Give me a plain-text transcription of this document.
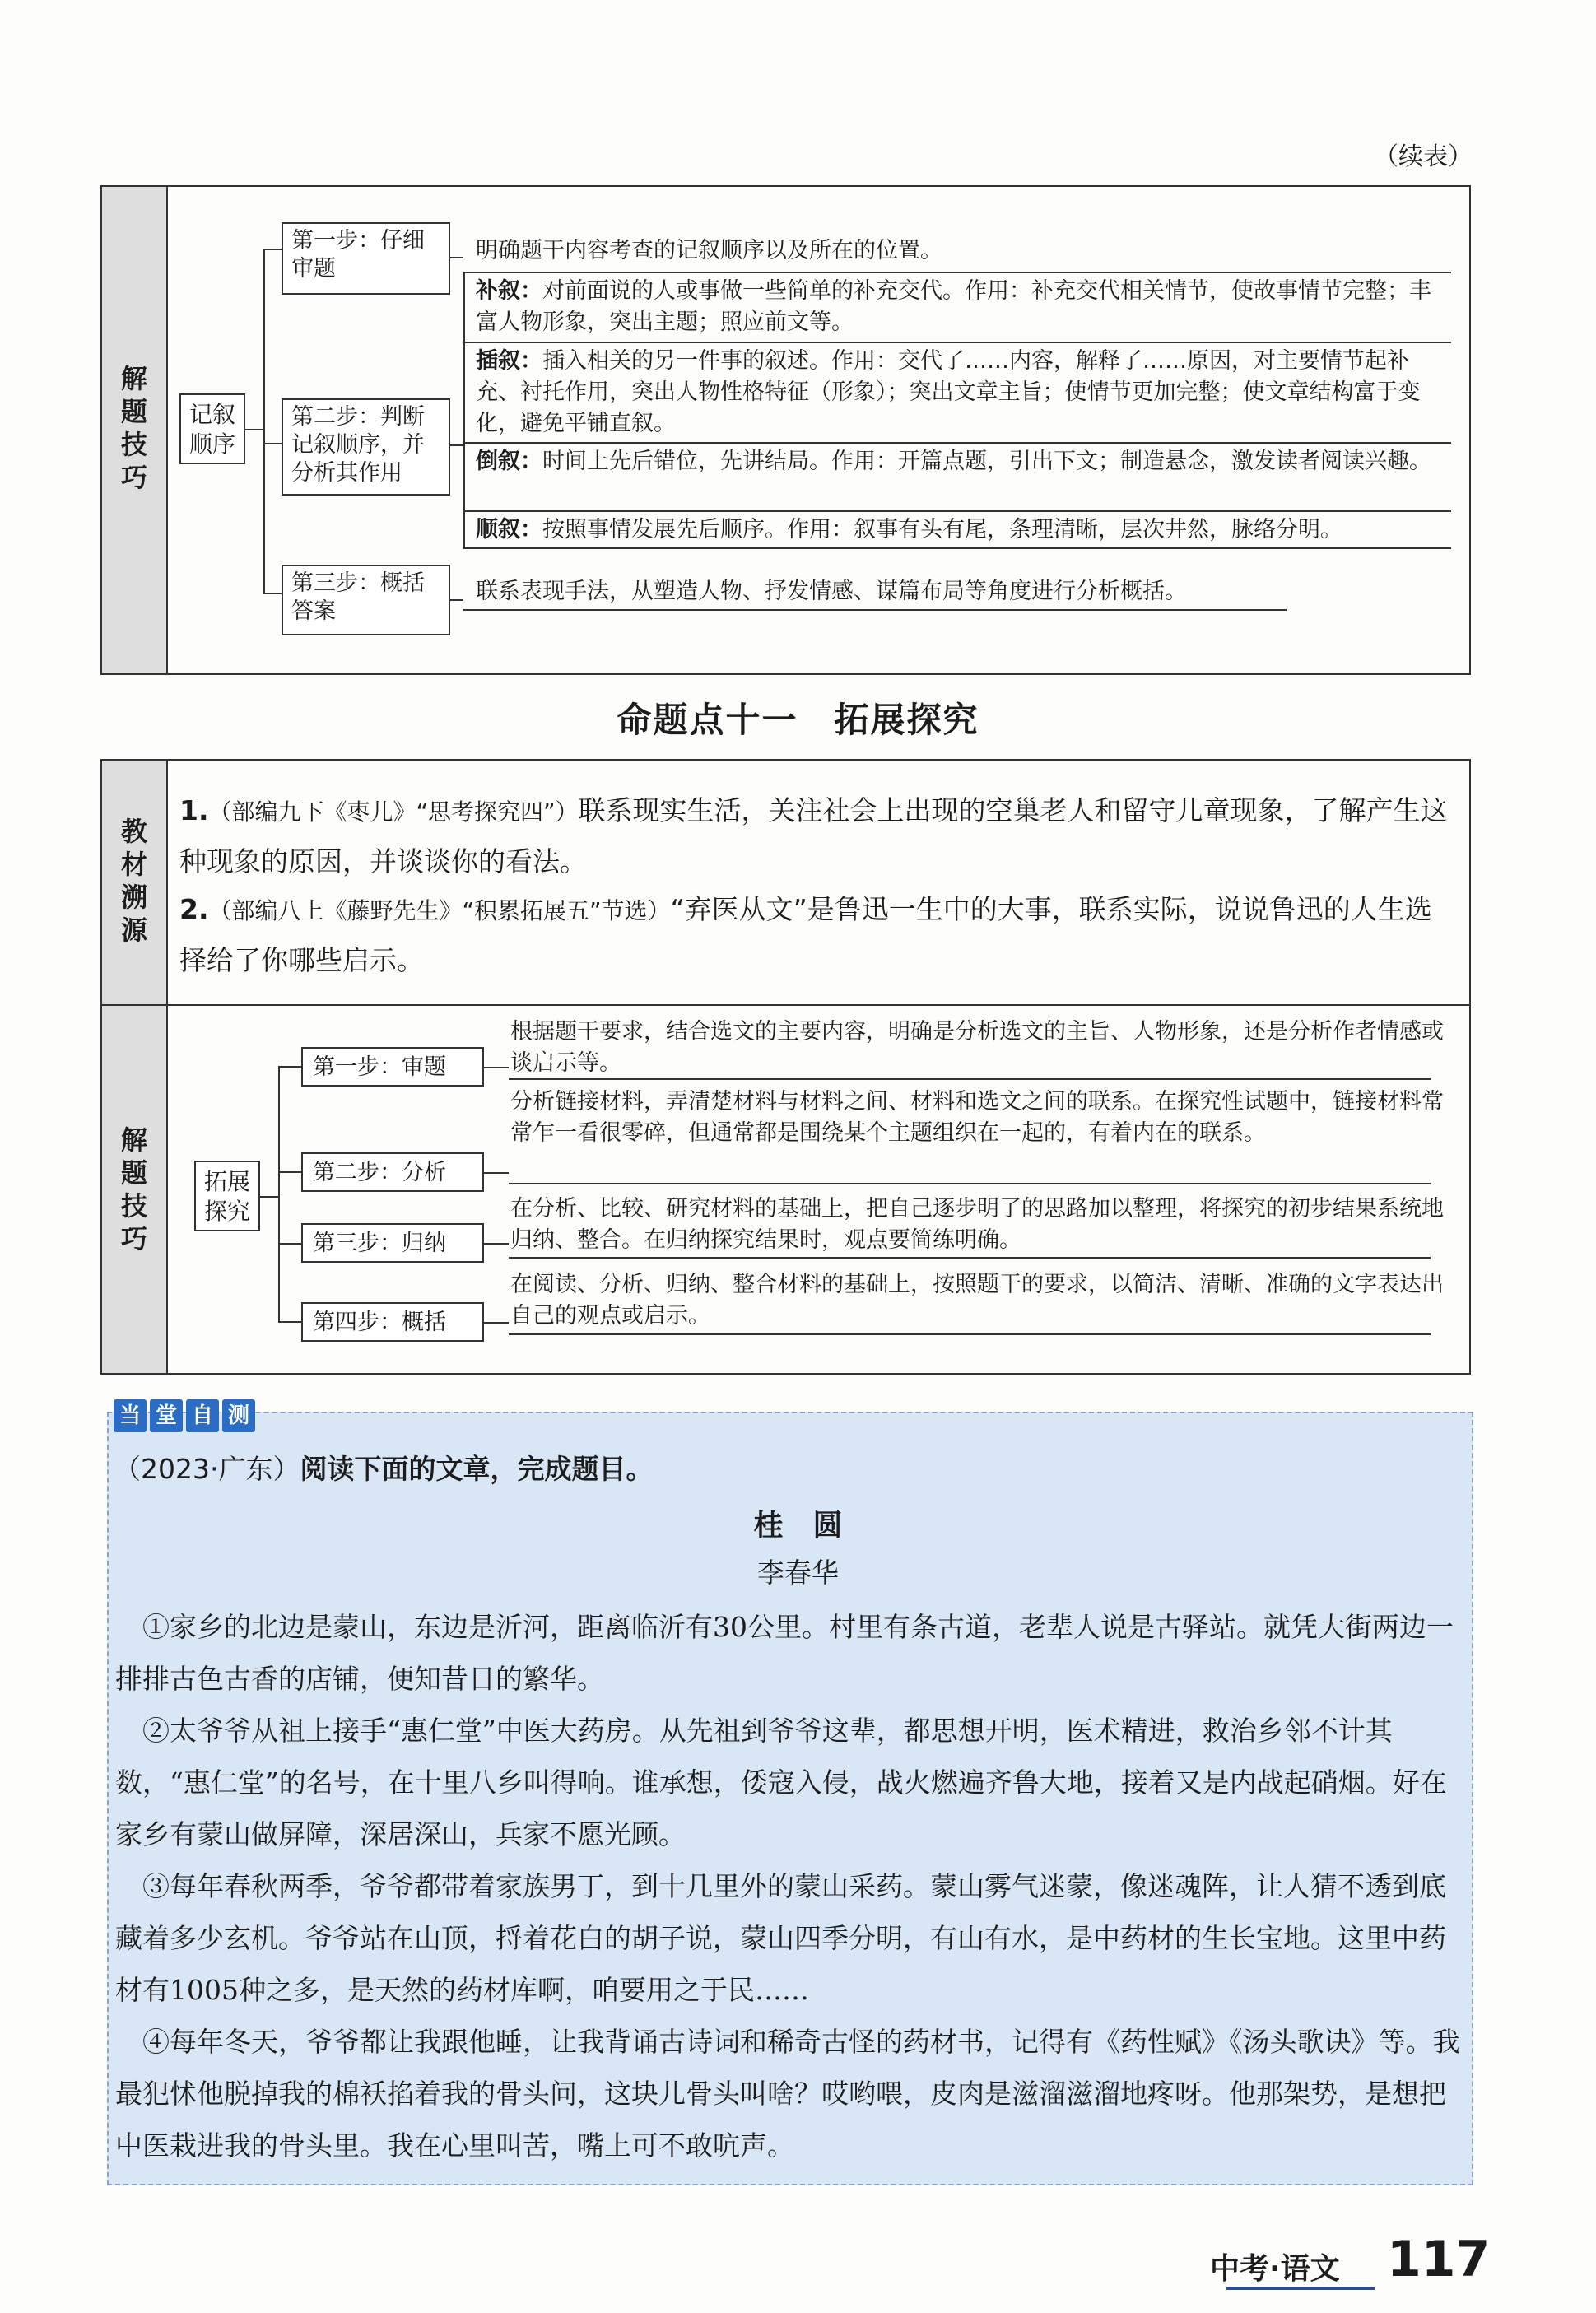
（续表）
解
题
技
巧
记叙顺序
第一步：仔细审题
明确题干内容考查的记叙顺序以及所在的位置。
第二步：判断记叙顺序，并分析其作用
补叙：对前面说的人或事做一些简单的补充交代。作用：补充交代相关情节，使故事情节完整；丰富人物形象，突出主题；照应前文等。
插叙：插入相关的另一件事的叙述。作用：交代了……内容，解释了……原因，对主要情节起补充、衬托作用，突出人物性格特征（形象）；突出文章主旨；使情节更加完整；使文章结构富于变化，避免平铺直叙。
倒叙：时间上先后错位，先讲结局。作用：开篇点题，引出下文；制造悬念，激发读者阅读兴趣。
顺叙：按照事情发展先后顺序。作用：叙事有头有尾，条理清晰，层次井然，脉络分明。
第三步：概括答案
联系表现手法，从塑造人物、抒发情感、谋篇布局等角度进行分析概括。
命题点十一　拓展探究
教
材
溯
源
1.（部编九下《枣儿》“思考探究四”）联系现实生活，关注社会上出现的空巢老人和留守儿童现象，了解产生这种现象的原因，并谈谈你的看法。
2.（部编八上《藤野先生》“积累拓展五”节选）“弃医从文”是鲁迅一生中的大事，联系实际，说说鲁迅的人生选择给了你哪些启示。
解
题
技
巧
拓展探究
第一步：审题
第二步：分析
第三步：归纳
第四步：概括
根据题干要求，结合选文的主要内容，明确是分析选文的主旨、人物形象，还是分析作者情感或谈启示等。
分析链接材料，弄清楚材料与材料之间、材料和选文之间的联系。在探究性试题中，链接材料常常乍一看很零碎，但通常都是围绕某个主题组织在一起的，有着内在的联系。
在分析、比较、研究材料的基础上，把自己逐步明了的思路加以整理，将探究的初步结果系统地归纳、整合。在归纳探究结果时，观点要简练明确。
在阅读、分析、归纳、整合材料的基础上，按照题干的要求，以简洁、清晰、准确的文字表达出自己的观点或启示。
当 堂 自 测
（2023·广东）阅读下面的文章，完成题目。
桂　圆
李春华

①家乡的北边是蒙山，东边是沂河，距离临沂有30公里。村里有条古道，老辈人说是古驿站。就凭大街两边一排排古色古香的店铺，便知昔日的繁华。

②太爷爷从祖上接手“惠仁堂”中医大药房。从先祖到爷爷这辈，都思想开明，医术精进，救治乡邻不计其数，“惠仁堂”的名号，在十里八乡叫得响。谁承想，倭寇入侵，战火燃遍齐鲁大地，接着又是内战起硝烟。好在家乡有蒙山做屏障，深居深山，兵家不愿光顾。

③每年春秋两季，爷爷都带着家族男丁，到十几里外的蒙山采药。蒙山雾气迷蒙，像迷魂阵，让人猜不透到底藏着多少玄机。爷爷站在山顶，捋着花白的胡子说，蒙山四季分明，有山有水，是中药材的生长宝地。这里中药材有1005种之多，是天然的药材库啊，咱要用之于民……

④每年冬天，爷爷都让我跟他睡，让我背诵古诗词和稀奇古怪的药材书，记得有《药性赋》《汤头歌诀》等。我最犯怵他脱掉我的棉袄掐着我的骨头问，这块儿骨头叫啥？哎哟喂，皮肉是滋溜滋溜地疼呀。他那架势，是想把中医栽进我的骨头里。我在心里叫苦，嘴上可不敢吭声。

中考·语文 117
